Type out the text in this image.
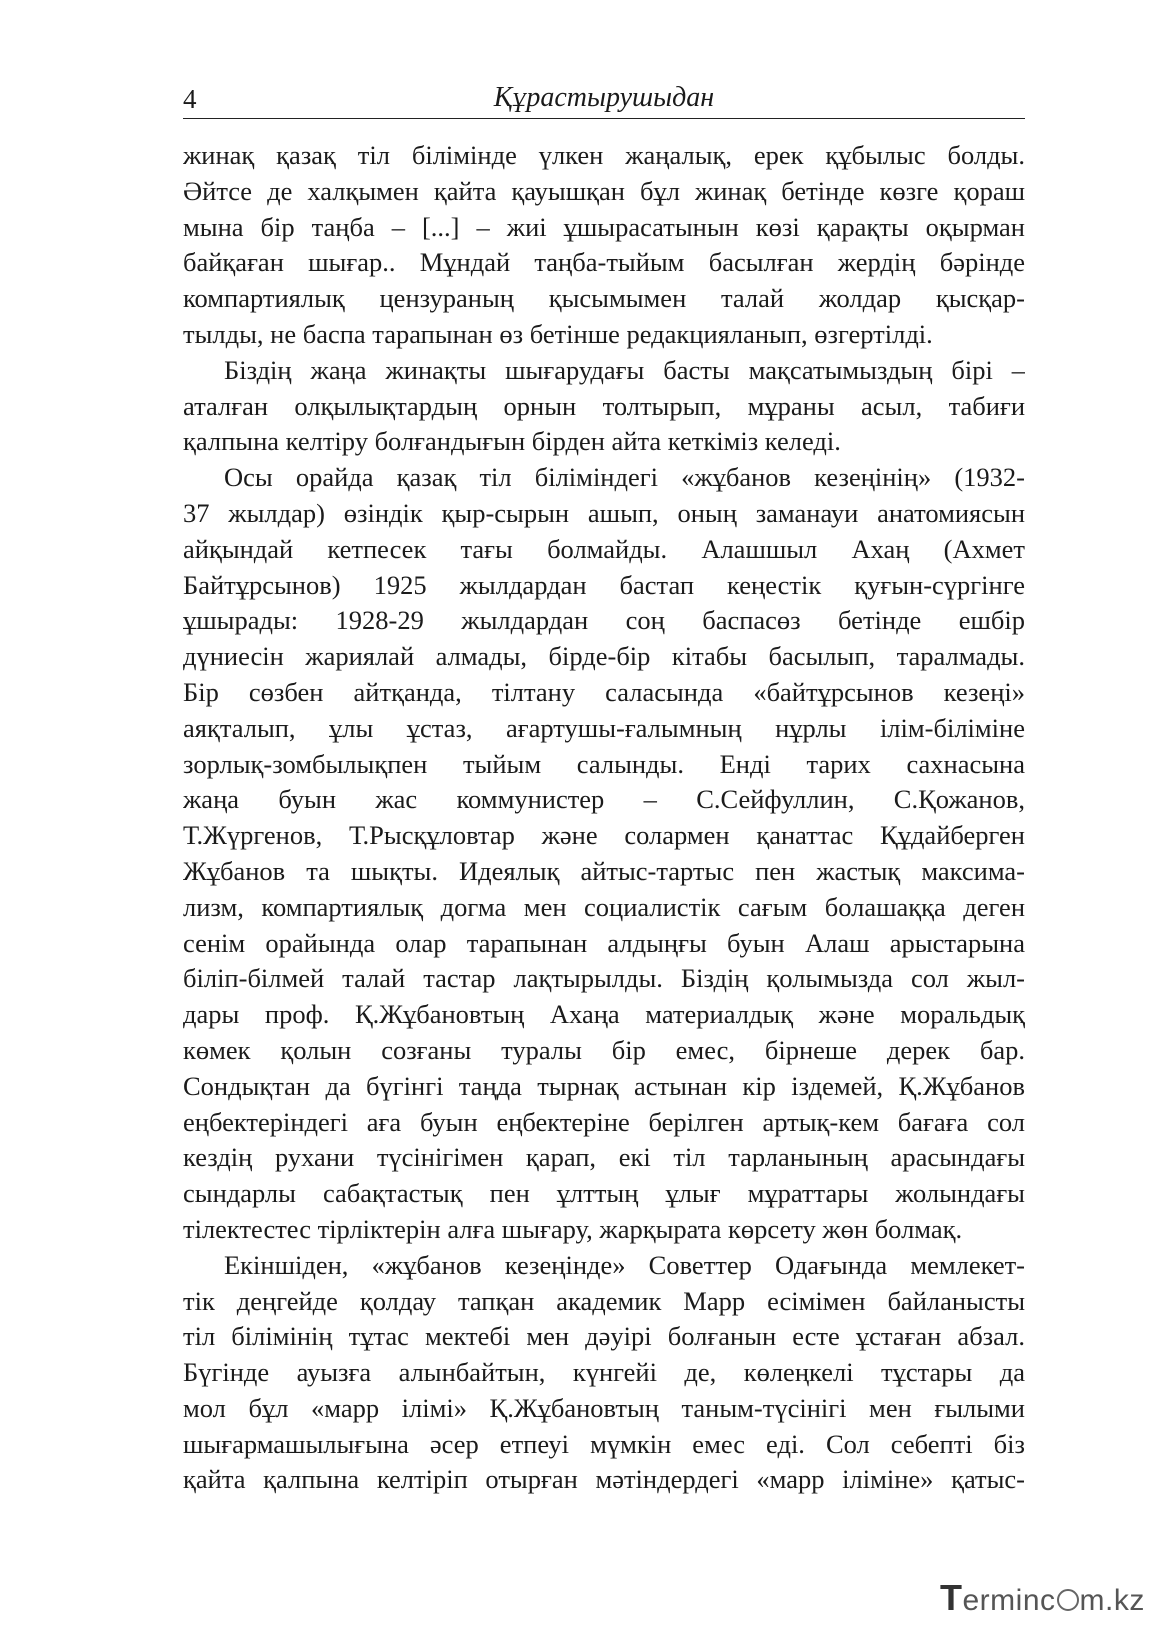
4	Құрастырушыдан
жинақ қазақ тіл білімінде үлкен жаңалық, ерек құбылыс болды.
Әйтсе де халқымен қайта қауышқан бұл жинақ бетінде көзге қораш
мына бір таңба – [...] – жиі ұшырасатынын көзі қарақты оқырман
байқаған шығар.. Мұндай таңба-тыйым басылған жердің бәрінде
компартиялық цензураның қысымымен талай жолдар қысқар-
тылды, не баспа тарапынан өз бетінше редакцияланып, өзгертілді.
Біздің жаңа жинақты шығарудағы басты мақсатымыздың бірі –
аталған олқылықтардың орнын толтырып, мұраны асыл, табиғи
қалпына келтіру болғандығын бірден айта кеткіміз келеді.
Осы орайда қазақ тіл біліміндегі «жұбанов кезеңінің» (1932-
37 жылдар) өзіндік қыр-сырын ашып, оның заманауи анатомиясын
айқындай кетпесек тағы болмайды. Алашшыл Ахаң (Ахмет
Байтұрсынов) 1925 жылдардан бастап кеңестік қуғын-сүргінге
ұшырады: 1928-29 жылдардан соң баспасөз бетінде ешбір
дүниесін жариялай алмады, бірде-бір кітабы басылып, таралмады.
Бір сөзбен айтқанда, тілтану саласында «байтұрсынов кезеңі»
аяқталып, ұлы ұстаз, ағартушы-ғалымның нұрлы ілім-біліміне
зорлық-зомбылықпен тыйым салынды. Енді тарих сахнасына
жаңа буын жас коммунистер – С.Сейфуллин, С.Қожанов,
Т.Жүргенов, Т.Рысқұловтар және солармен қанаттас Құдайберген
Жұбанов та шықты. Идеялық айтыс-тартыс пен жастық максима-
лизм, компартиялық догма мен социалистік сағым болашаққа деген
сенім орайында олар тарапынан алдыңғы буын Алаш арыстарына
біліп-білмей талай тастар лақтырылды. Біздің қолымызда сол жыл-
дары проф. Қ.Жұбановтың Ахаңа материалдық және моральдық
көмек қолын созғаны туралы бір емес, бірнеше дерек бар.
Сондықтан да бүгінгі таңда тырнақ астынан кір іздемей, Қ.Жұбанов
еңбектеріндегі аға буын еңбектеріне берілген артық-кем бағаға сол
кездің рухани түсінігімен қарап, екі тіл тарланының арасындағы
сындарлы сабақтастық пен ұлттың ұлығ мұраттары жолындағы
тілектестес тірліктерін алға шығару, жарқырата көрсету жөн болмақ.
Екіншіден, «жұбанов кезеңінде» Советтер Одағында мемлекет-
тік деңгейде қолдау тапқан академик Марр есімімен байланысты
тіл білімінің тұтас мектебі мен дәуірі болғанын есте ұстаған абзал.
Бүгінде ауызға алынбайтын, күнгейі де, көлеңкелі тұстары да
мол бұл «марр ілімі» Қ.Жұбановтың таным-түсінігі мен ғылыми
шығармашылығына әсер етпеуі мүмкін емес еді. Сол себепті біз
қайта қалпына келтіріп отырған мәтіндердегі «марр іліміне» қатыс-
Terminc m.kz
